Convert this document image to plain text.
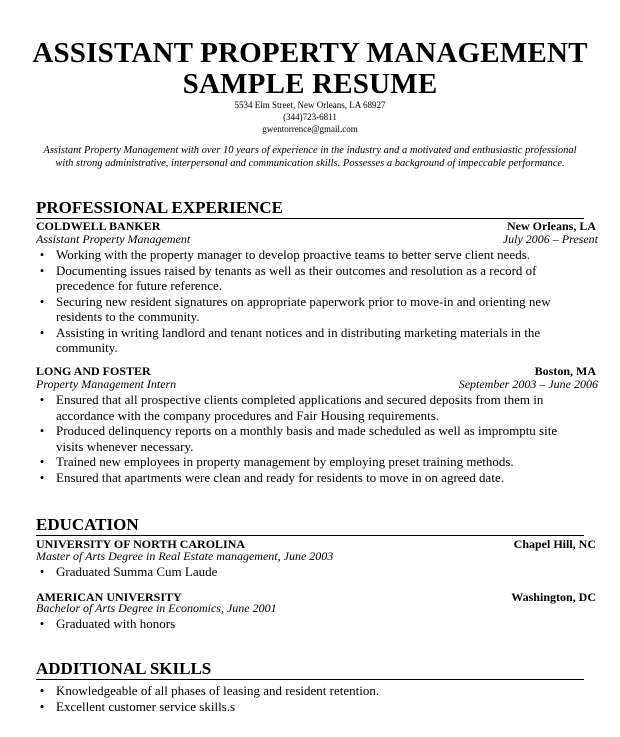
ASSISTANT PROPERTY MANAGEMENT
SAMPLE RESUME
5534 Elm Street, New Orleans, LA 68927
(344)723-6811
gwentorrence@gmail.com
Assistant Property Management with over 10 years of experience in the industry and a motivated and enthusiastic professional with strong administrative, interpersonal and communication skills. Possesses a background of impeccable performance.
PROFESSIONAL EXPERIENCE
COLDWELL BANKER	New Orleans, LA
Assistant Property Management	July 2006 – Present
• Working with the property manager to develop proactive teams to better serve client needs.
• Documenting issues raised by tenants as well as their outcomes and resolution as a record of precedence for future reference.
• Securing new resident signatures on appropriate paperwork prior to move-in and orienting new residents to the community.
• Assisting in writing landlord and tenant notices and in distributing marketing materials in the community.
LONG AND FOSTER	Boston, MA
Property Management Intern	September 2003 – June 2006
• Ensured that all prospective clients completed applications and secured deposits from them in accordance with the company procedures and Fair Housing requirements.
• Produced delinquency reports on a monthly basis and made scheduled as well as impromptu site visits whenever necessary.
• Trained new employees in property management by employing preset training methods.
• Ensured that apartments were clean and ready for residents to move in on agreed date.
EDUCATION
UNIVERSITY OF NORTH CAROLINA	Chapel Hill, NC
Master of Arts Degree in Real Estate management, June 2003
• Graduated Summa Cum Laude
AMERICAN UNIVERSITY	Washington, DC
Bachelor of Arts Degree in Economics, June 2001
• Graduated with honors
ADDITIONAL SKILLS
• Knowledgeable of all phases of leasing and resident retention.
• Excellent customer service skills.s
